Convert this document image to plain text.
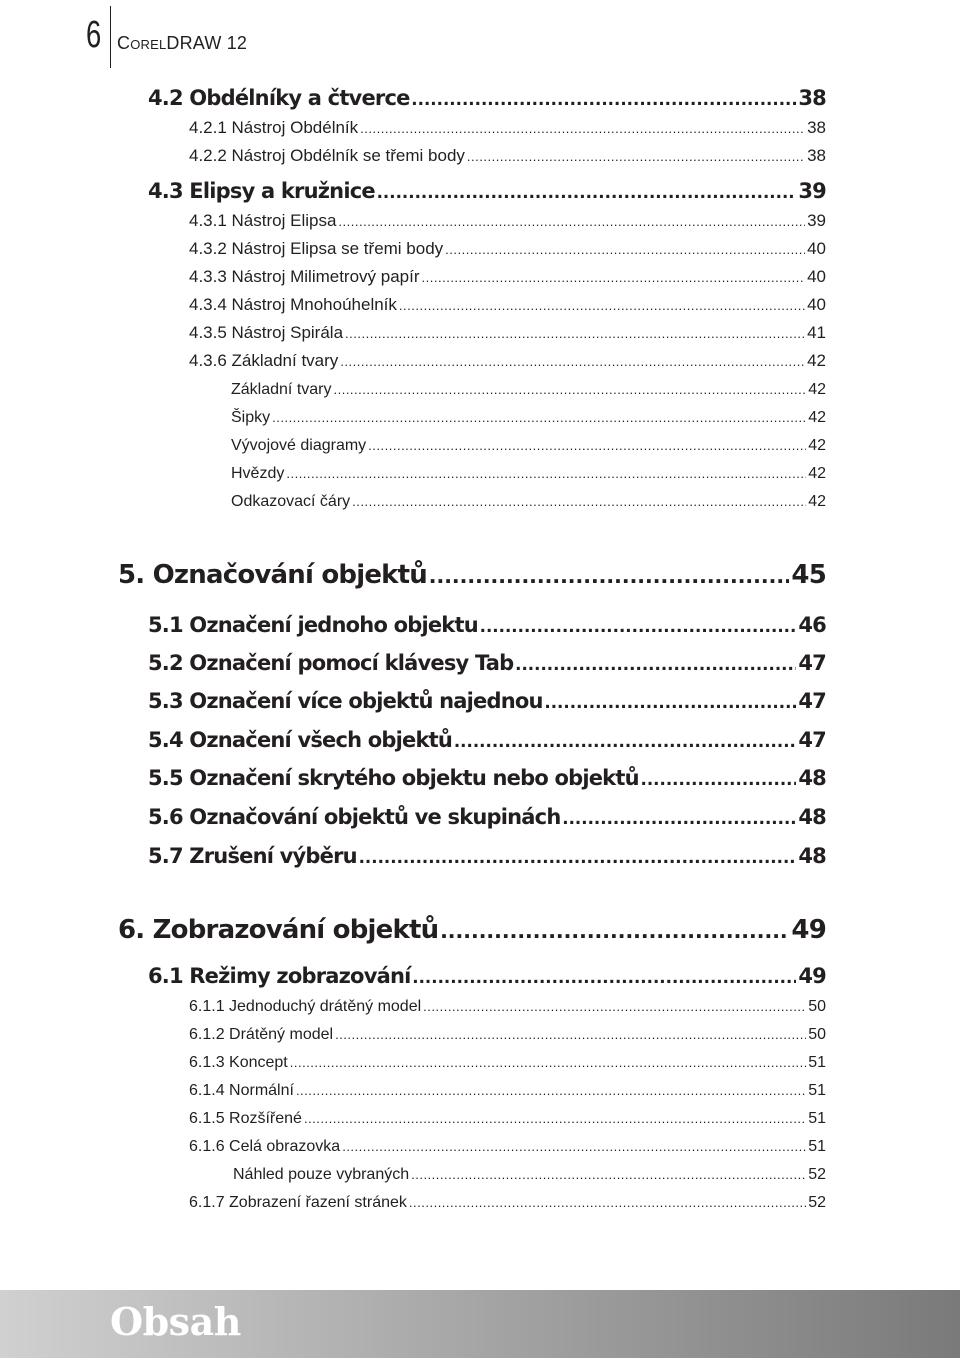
6 CorelDRAW 12
4.2 Obdélníky a čtverce .....	38
4.2.1 Nástroj Obdélník .....	38
4.2.2 Nástroj Obdélník se třemi body .....	38
4.3 Elipsy a kružnice .....	39
4.3.1 Nástroj Elipsa .....	39
4.3.2 Nástroj Elipsa se třemi body .....	40
4.3.3 Nástroj Milimetrový papír .....	40
4.3.4 Nástroj Mnohoúhelník .....	40
4.3.5 Nástroj Spirála .....	41
4.3.6 Základní tvary .....	42
Základní tvary .....	42
Šipky .....	42
Vývojové diagramy .....	42
Hvězdy .....	42
Odkazovací čáry .....	42
5. Označování objektů .....	45
5.1 Označení jednoho objektu .....	46
5.2 Označení pomocí klávesy Tab .....	47
5.3 Označení více objektů najednou .....	47
5.4 Označení všech objektů .....	47
5.5 Označení skrytého objektu nebo objektů .....	48
5.6 Označování objektů ve skupinách .....	48
5.7 Zrušení výběru .....	48
6. Zobrazování objektů .....	49
6.1 Režimy zobrazování .....	49
6.1.1 Jednoduchý drátěný model .....	50
6.1.2 Drátěný model .....	50
6.1.3 Koncept .....	51
6.1.4 Normální .....	51
6.1.5 Rozšířené .....	51
6.1.6 Celá obrazovka .....	51
Náhled pouze vybraných .....	52
6.1.7 Zobrazení řazení stránek .....	52
Obsah
